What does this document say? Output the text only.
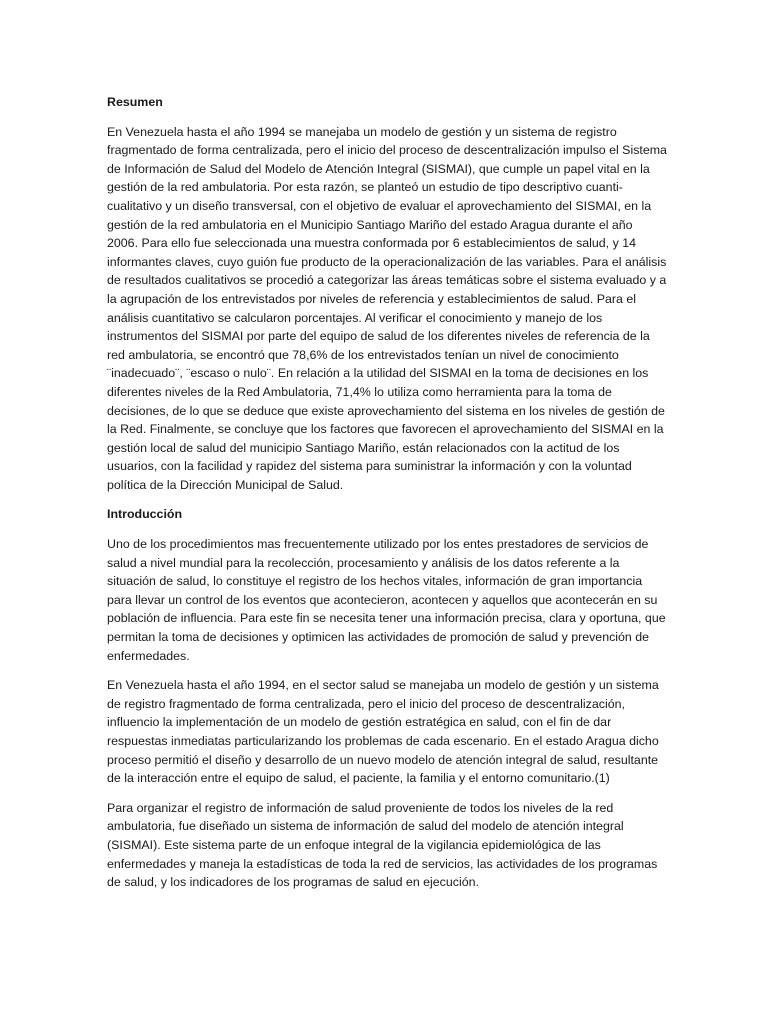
Resumen

En Venezuela hasta el año 1994 se manejaba un modelo de gestión y un sistema de registro fragmentado de forma centralizada, pero el inicio del proceso de descentralización impulso el Sistema de Información de Salud del Modelo de Atención Integral (SISMAI), que cumple un papel vital en la gestión de la red ambulatoria. Por esta razón, se planteó un estudio de tipo descriptivo cuanti-cualitativo y un diseño transversal, con el objetivo de evaluar el aprovechamiento del SISMAI, en la gestión de la red ambulatoria en el Municipio Santiago Mariño del estado Aragua durante el año 2006. Para ello fue seleccionada una muestra conformada por 6 establecimientos de salud, y 14 informantes claves, cuyo guión fue producto de la operacionalización de las variables. Para el análisis de resultados cualitativos se procedió a categorizar las áreas temáticas sobre el sistema evaluado y a la agrupación de los entrevistados por niveles de referencia y establecimientos de salud. Para el análisis cuantitativo se calcularon porcentajes. Al verificar el conocimiento y manejo de los instrumentos del SISMAI por parte del equipo de salud de los diferentes niveles de referencia de la red ambulatoria, se encontró que 78,6% de los entrevistados tenían un nivel de conocimiento ¨inadecuado¨, ¨escaso o nulo¨. En relación a la utilidad del SISMAI en la toma de decisiones en los diferentes niveles de la Red Ambulatoria, 71,4% lo utiliza como herramienta para la toma de decisiones, de lo que se deduce que existe aprovechamiento del sistema en los niveles de gestión de la Red. Finalmente, se concluye que los factores que favorecen el aprovechamiento del SISMAI en la gestión local de salud del municipio Santiago Mariño, están relacionados con la actitud de los usuarios, con la facilidad y rapidez del sistema para suministrar la información y con la voluntad política de la Dirección Municipal de Salud.

Introducción

Uno de los procedimientos mas frecuentemente utilizado por los entes prestadores de servicios de salud a nivel mundial para la recolección, procesamiento y análisis de los datos referente a la situación de salud, lo constituye el registro de los hechos vitales, información de gran importancia para llevar un control de los eventos que acontecieron, acontecen y aquellos que acontecerán en su población de influencia. Para este fin se necesita tener una información precisa, clara y oportuna, que permitan la toma de decisiones y optimicen las actividades de promoción de salud y prevención de enfermedades.

En Venezuela hasta el año 1994, en el sector salud se manejaba un modelo de gestión y un sistema de registro fragmentado de forma centralizada, pero el inicio del proceso de descentralización, influencio la implementación de un modelo de gestión estratégica en salud, con el fin de dar respuestas inmediatas particularizando los problemas de cada escenario. En el estado Aragua dicho proceso permitió el diseño y desarrollo de un nuevo modelo de atención integral de salud, resultante de la interacción entre el equipo de salud, el paciente, la familia y el entorno comunitario.(1)

Para organizar el registro de información de salud proveniente de todos los niveles de la red ambulatoria, fue diseñado un sistema de información de salud del modelo de atención integral (SISMAI). Este sistema parte de un enfoque integral de la vigilancia epidemiológica de las enfermedades y maneja la estadísticas de toda la red de servicios, las actividades de los programas de salud, y los indicadores de los programas de salud en ejecución.
